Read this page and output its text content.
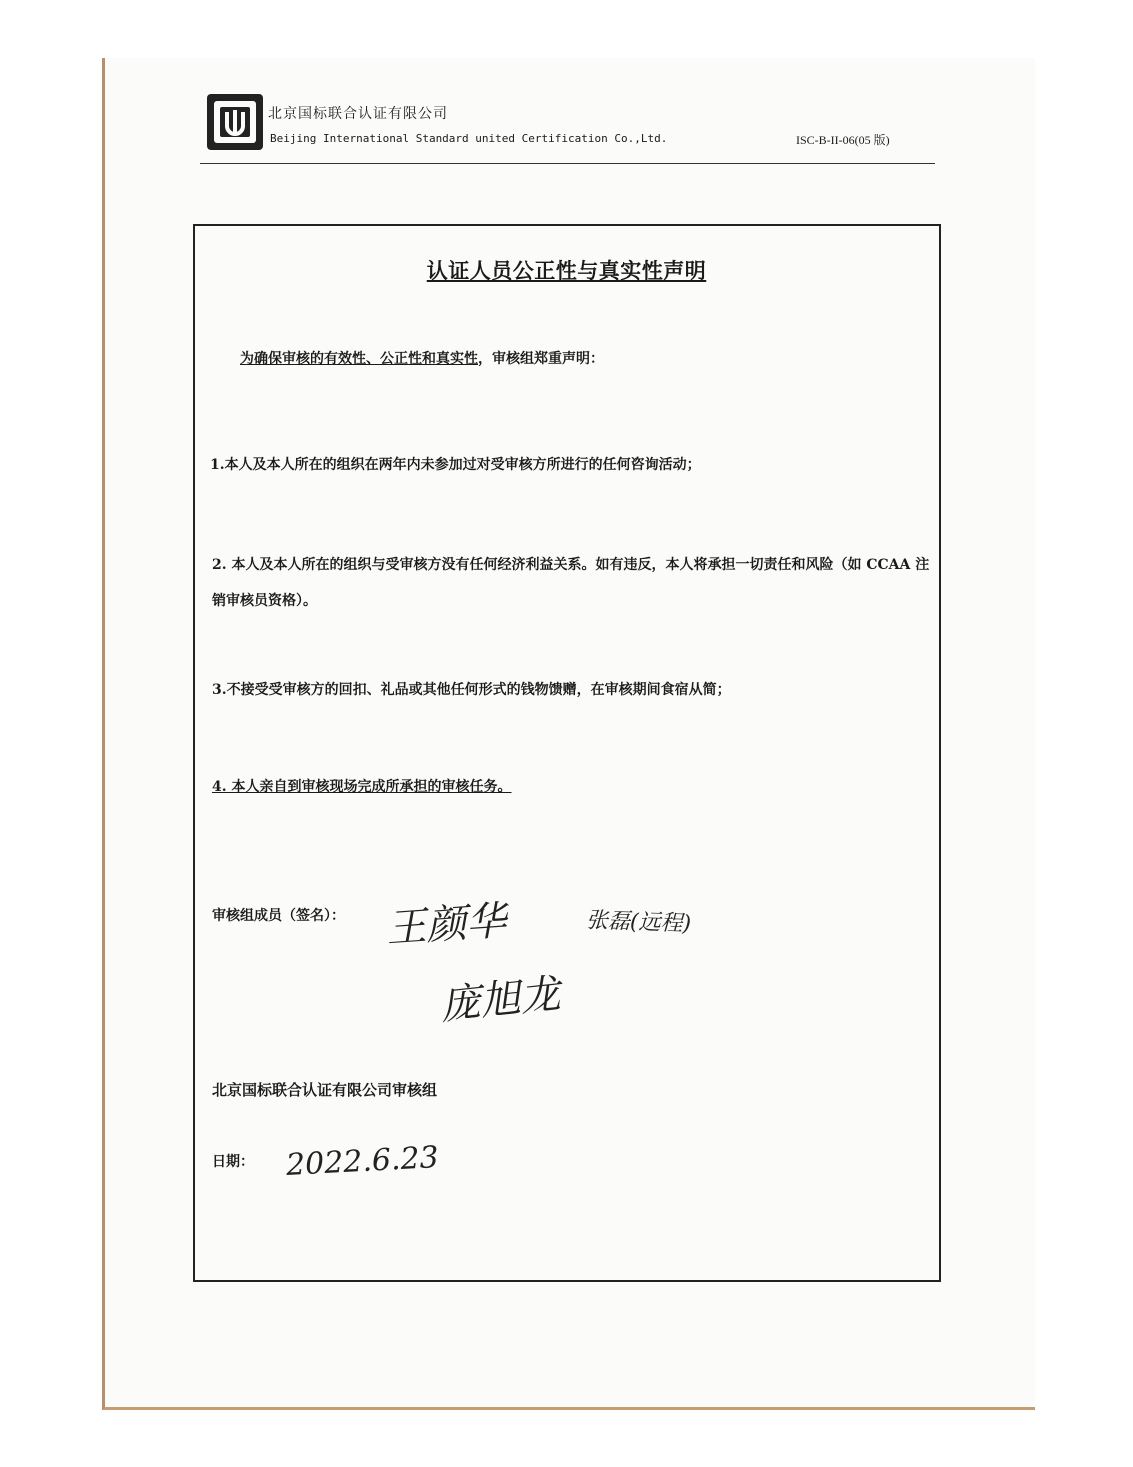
北京国标联合认证有限公司
Beijing International Standard united Certification Co.,Ltd.	ISC-B-II-06(05 版)
认证人员公正性与真实性声明
为确保审核的有效性、公正性和真实性，审核组郑重声明：
1.本人及本人所在的组织在两年内未参加过对受审核方所进行的任何咨询活动；
2. 本人及本人所在的组织与受审核方没有任何经济利益关系。如有违反，本人将承担一切责任和风险（如 CCAA 注销审核员资格）。
3.不接受受审核方的回扣、礼品或其他任何形式的钱物馈赠，在审核期间食宿从简；
4. 本人亲自到审核现场完成所承担的审核任务。
审核组成员（签名）： 王颜华	张磊(远程)
庞旭龙
北京国标联合认证有限公司审核组
日期： 2022.6.23
